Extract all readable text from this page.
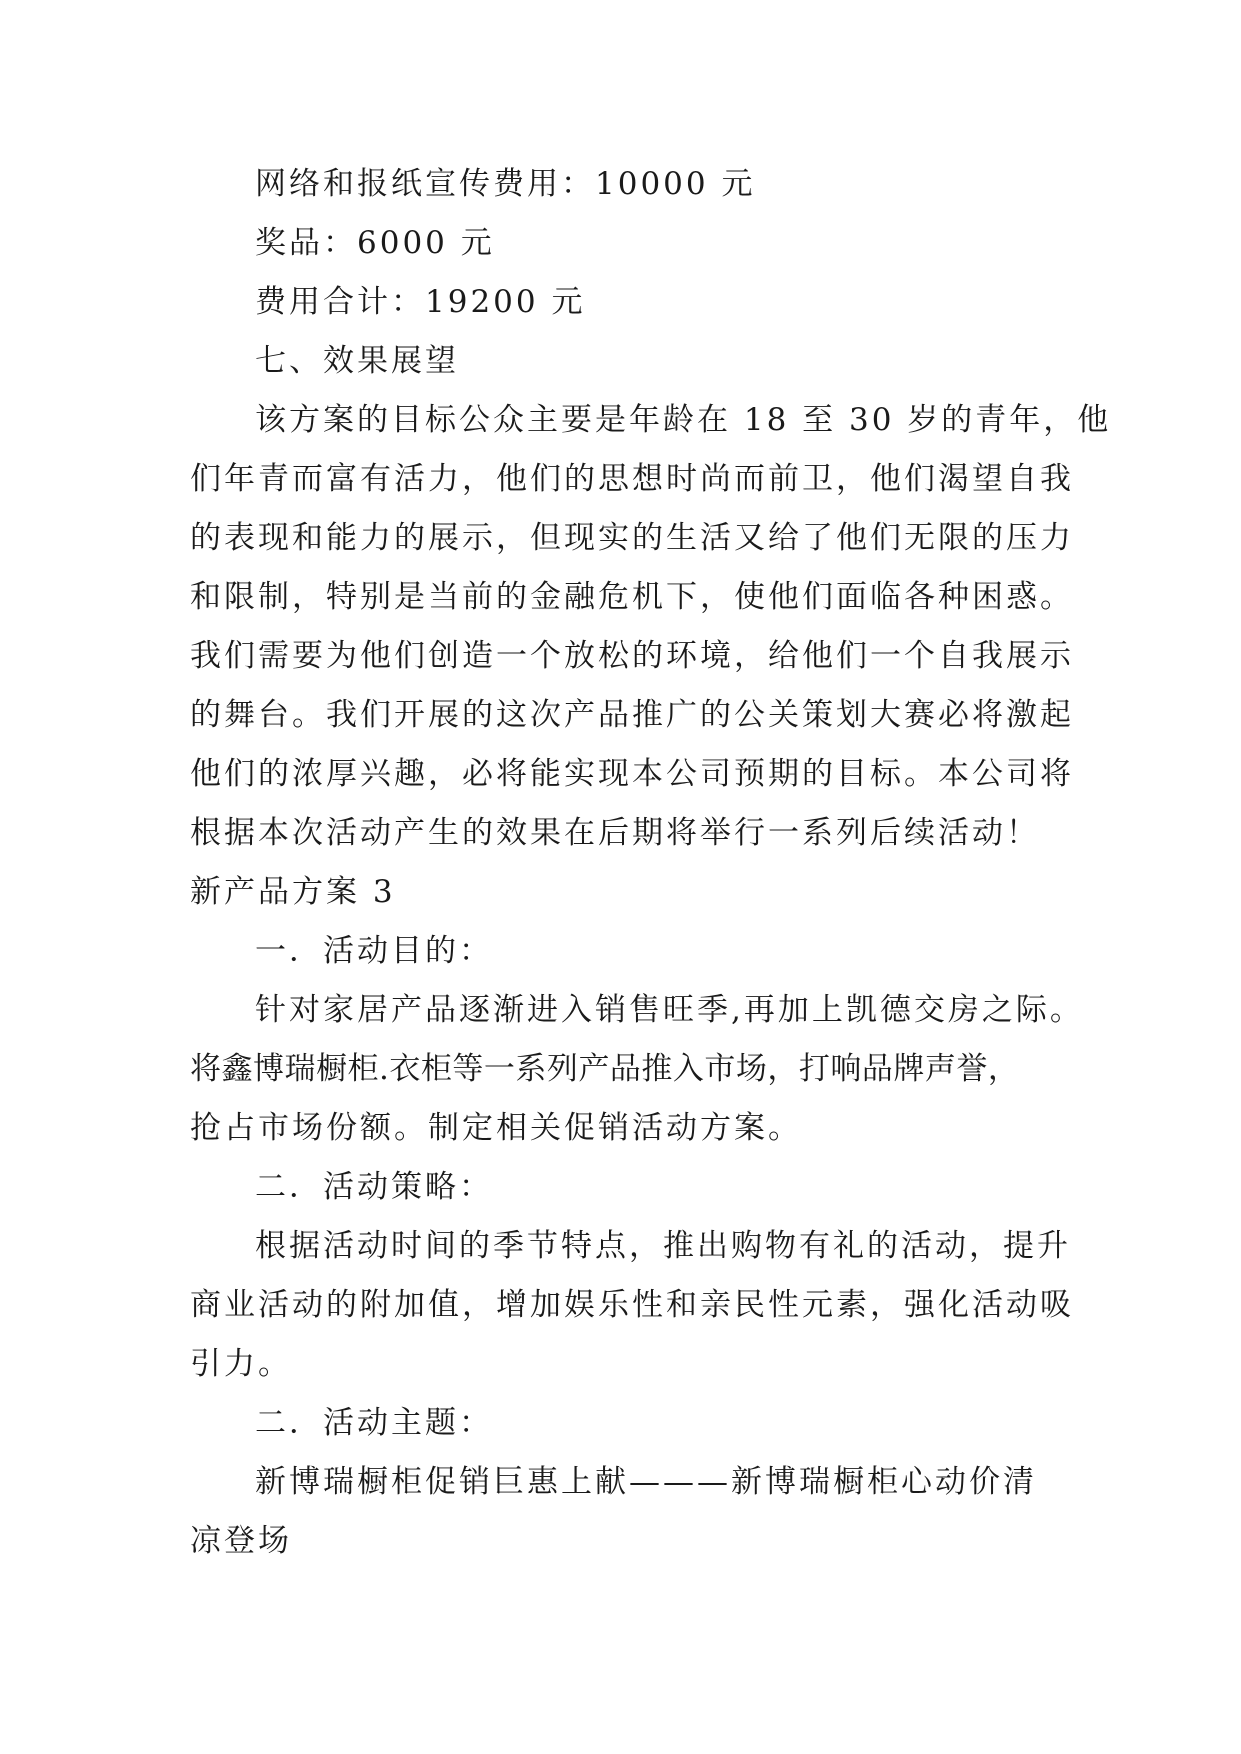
网络和报纸宣传费用：10000 元
奖品：6000 元
费用合计：19200 元
七、效果展望
该方案的目标公众主要是年龄在 18 至 30 岁的青年，他
们年青而富有活力，他们的思想时尚而前卫，他们渴望自我
的表现和能力的展示，但现实的生活又给了他们无限的压力
和限制，特别是当前的金融危机下，使他们面临各种困惑。
我们需要为他们创造一个放松的环境，给他们一个自我展示
的舞台。我们开展的这次产品推广的公关策划大赛必将激起
他们的浓厚兴趣，必将能实现本公司预期的目标。本公司将
根据本次活动产生的效果在后期将举行一系列后续活动！
新产品方案 3
一．活动目的：
针对家居产品逐渐进入销售旺季,再加上凯德交房之际。
将鑫博瑞橱柜.衣柜等一系列产品推入市场，打响品牌声誉，
抢占市场份额。制定相关促销活动方案。
二．活动策略：
根据活动时间的季节特点，推出购物有礼的活动，提升
商业活动的附加值，增加娱乐性和亲民性元素，强化活动吸
引力。
二．活动主题：
新博瑞橱柜促销巨惠上献———新博瑞橱柜心动价清
凉登场
